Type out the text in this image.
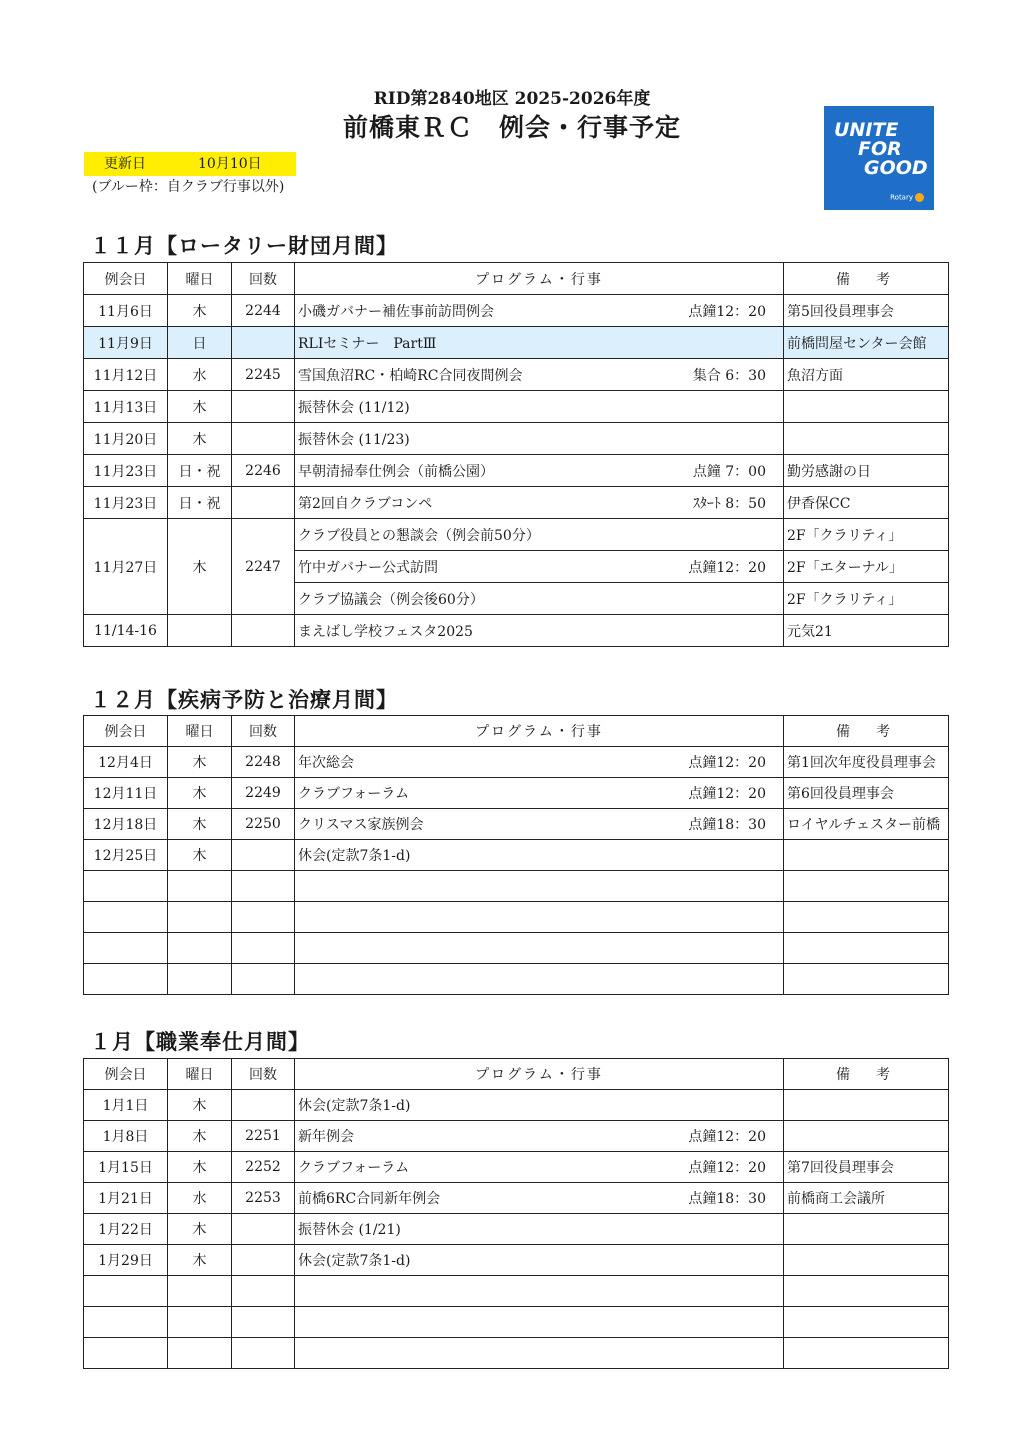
RID第2840地区 2025-2026年度
前橋東ＲＣ　例会・行事予定
更新日	10月10日
(ブルー枠：自クラブ行事以外)
UNITE
FOR
GOOD
Rotary
１１月【ロータリー財団月間】
例会日	曜日	回数	プログラム・行事	備　考
11月6日	木	2244	小磯ガバナー補佐事前訪問例会 点鐘12：20	第5回役員理事会
11月9日	日		RLIセミナー　PartⅢ	前橋問屋センター会館
11月12日	水	2245	雪国魚沼RC・柏崎RC合同夜間例会 集合 6：30	魚沼方面
11月13日	木		振替休会 (11/12)	

11月20日	木		振替休会 (11/23)	

11月23日	日・祝	2246	早朝清掃奉仕例会（前橋公園） 点鐘 7：00	勤労感謝の日
11月23日	日・祝		第2回自クラブコンペ ｽﾀｰﾄ 8：50	伊香保CC
11月27日	木	2247	クラブ役員との懇談会（例会前50分）	2F「クラリティ」

			竹中ガバナー公式訪問 点鐘12：20	2F「エターナル」

			クラブ協議会（例会後60分）	2F「クラリティ」
11/14-16			まえばし学校フェスタ2025	元気21
１２月【疾病予防と治療月間】
例会日	曜日	回数	プログラム・行事	備　考
12月4日	木	2248	年次総会 点鐘12：20	第1回次年度役員理事会
12月11日	木	2249	クラブフォーラム 点鐘12：20	第6回役員理事会
12月18日	木	2250	クリスマス家族例会 点鐘18：30	ロイヤルチェスター前橋
12月25日	木		休会(定款7条1-d)	

１月【職業奉仕月間】
例会日	曜日	回数	プログラム・行事	備　考
1月1日	木		休会(定款7条1-d)	

1月8日	木	2251	新年例会 点鐘12：20	

1月15日	木	2252	クラブフォーラム 点鐘12：20	第7回役員理事会
1月21日	水	2253	前橋6RC合同新年例会 点鐘18：30	前橋商工会議所
1月22日	木		振替休会 (1/21)	

1月29日	木		休会(定款7条1-d)	
